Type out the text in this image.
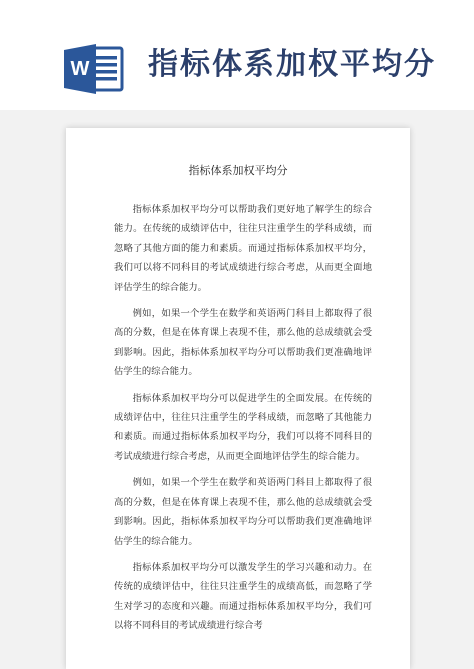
W 指标体系加权平均分
指标体系加权平均分

指标体系加权平均分可以帮助我们更好地了解学生的综合能力。在传统的成绩评估中，往往只注重学生的学科成绩，而忽略了其他方面的能力和素质。而通过指标体系加权平均分，我们可以将不同科目的考试成绩进行综合考虑，从而更全面地评估学生的综合能力。

例如，如果一个学生在数学和英语两门科目上都取得了很高的分数，但是在体育课上表现不佳，那么他的总成绩就会受到影响。因此，指标体系加权平均分可以帮助我们更准确地评估学生的综合能力。

指标体系加权平均分可以促进学生的全面发展。在传统的成绩评估中，往往只注重学生的学科成绩，而忽略了其他能力和素质。而通过指标体系加权平均分，我们可以将不同科目的考试成绩进行综合考虑，从而更全面地评估学生的综合能力。

例如，如果一个学生在数学和英语两门科目上都取得了很高的分数，但是在体育课上表现不佳，那么他的总成绩就会受到影响。因此，指标体系加权平均分可以帮助我们更准确地评估学生的综合能力。

指标体系加权平均分可以激发学生的学习兴趣和动力。在传统的成绩评估中，往往只注重学生的成绩高低，而忽略了学生对学习的态度和兴趣。而通过指标体系加权平均分，我们可以将不同科目的考试成绩进行综合考
